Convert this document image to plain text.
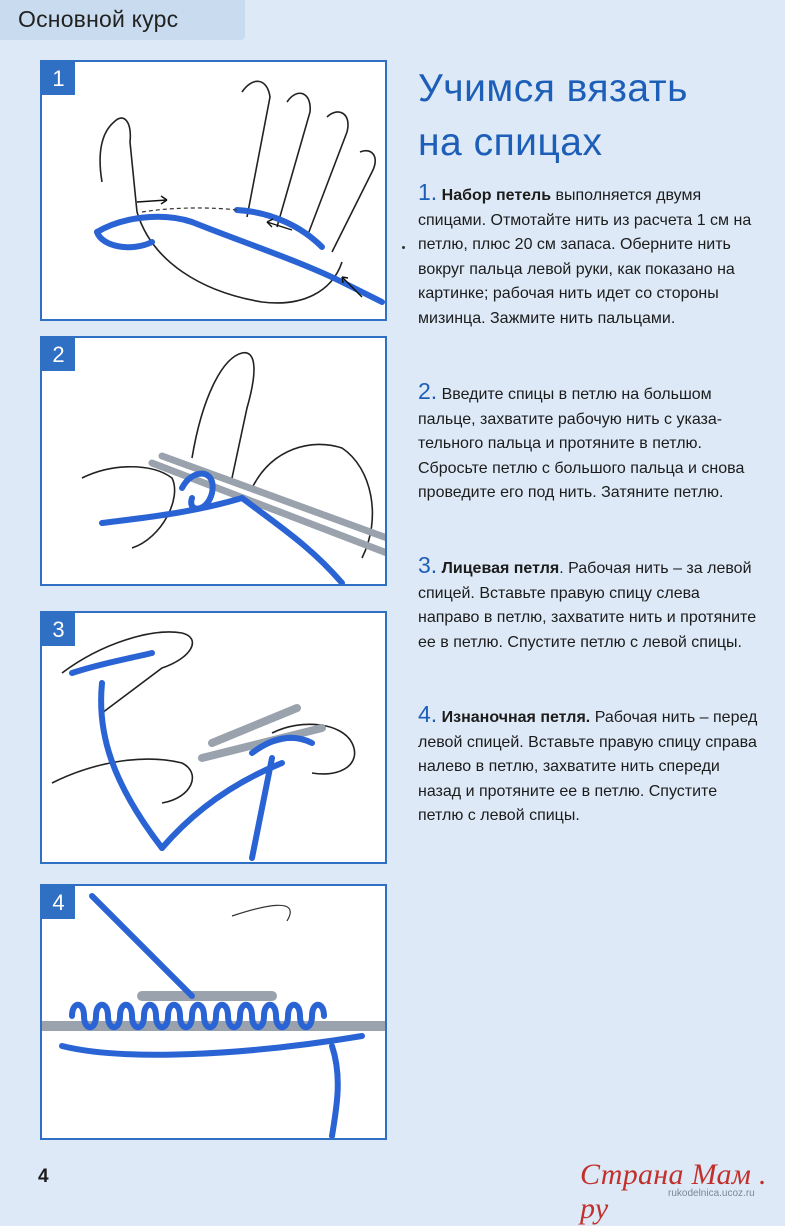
Основной курс
1
2
3
4
Учимся вязать
на спицах

1. Набор петель выполняется двумя спицами. Отмотайте нить из расчета 1 см на петлю, плюс 20 см запаса. Оберните нить вокруг пальца левой руки, как показано на картинке; рабочая нить идет со стороны мизинца. Зажмите нить пальцами.

2. Введите спицы в петлю на большом пальце, захватите рабочую нить с указательного пальца и протяните в петлю. Сбросьте петлю с большого пальца и снова проведите его под нить. Затяните петлю.

3. Лицевая петля. Рабочая нить – за левой спицей. Вставьте правую спицу слева направо в петлю, захватите нить и протяните ее в петлю. Спустите петлю с левой спицы.

4. Изнаночная петля. Рабочая нить – перед левой спицей. Вставьте правую спицу справа налево в петлю, захватите нить спереди назад и протяните ее в петлю. Спустите петлю с левой спицы.

4	Страна Мам . ру	rukodelnica.ucoz.ru
